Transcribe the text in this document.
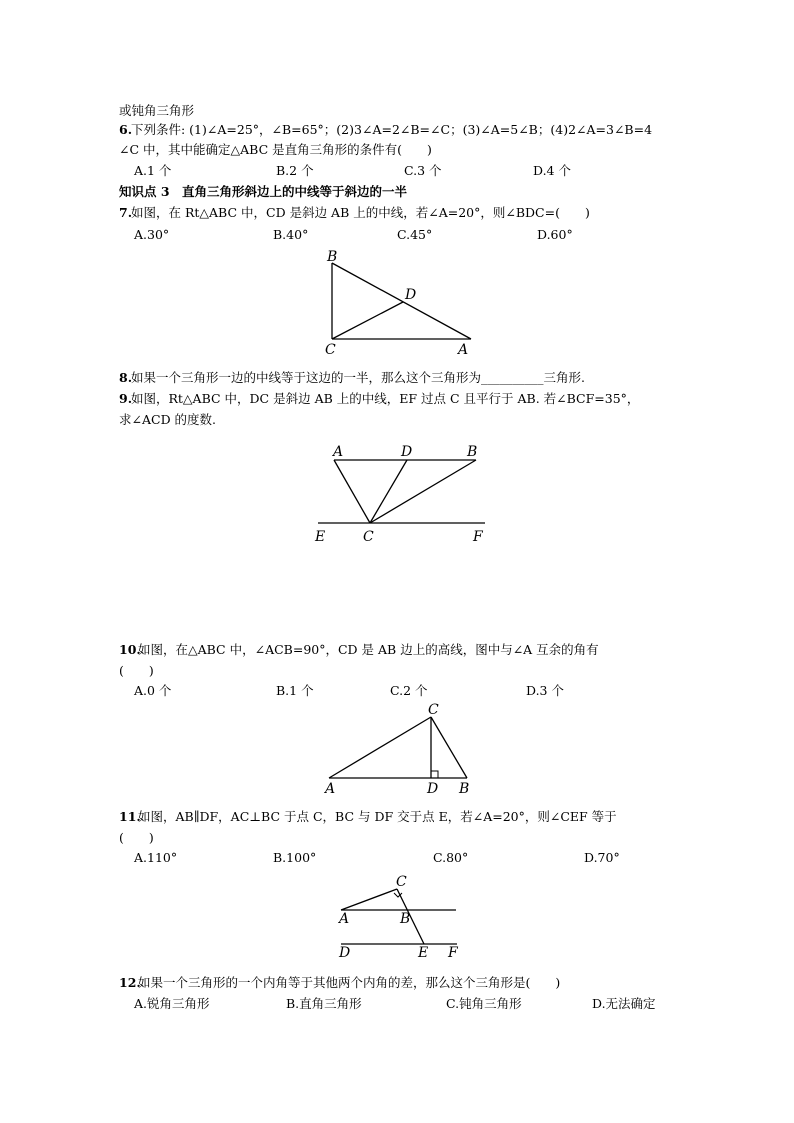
或钝角三角形
6.
下列条件: (1)∠A=25°，∠B=65°；(2)3∠A=2∠B=∠C；(3)∠A=5∠B；(4)2∠A=3∠B=4
∠C 中，其中能确定△ABC 是直角三角形的条件有(　　)
A.1 个	B.2 个	C.3 个	D.4 个
知识点 3　直角三角形斜边上的中线等于斜边的一半
7.
如图，在 Rt△ABC 中，CD 是斜边 AB 上的中线，若∠A=20°，则∠BDC=(　　)
A.30°	B.40°	C.45°	D.60°
8.
如果一个三角形一边的中线等于这边的一半，那么这个三角形为__________三角形.
9.
如图，Rt△ABC 中，DC 是斜边 AB 上的中线，EF 过点 C 且平行于 AB. 若∠BCF=35°，
求∠ACD 的度数.
10.
如图，在△ABC 中，∠ACB=90°，CD 是 AB 边上的高线，图中与∠A 互余的角有
(　　)
A.0 个	B.1 个	C.2 个	D.3 个
11.
如图，AB∥DF，AC⊥BC 于点 C，BC 与 DF 交于点 E，若∠A=20°，则∠CEF 等于
(　　)
A.110°	B.100°	C.80°	D.70°
12.
如果一个三角形的一个内角等于其他两个内角的差，那么这个三角形是(　　)
A.锐角三角形	B.直角三角形	C.钝角三角形	D.无法确定
B
D
C	A
A	D	B
E	C	F
C
A	D B
C
A	B
D	E F
